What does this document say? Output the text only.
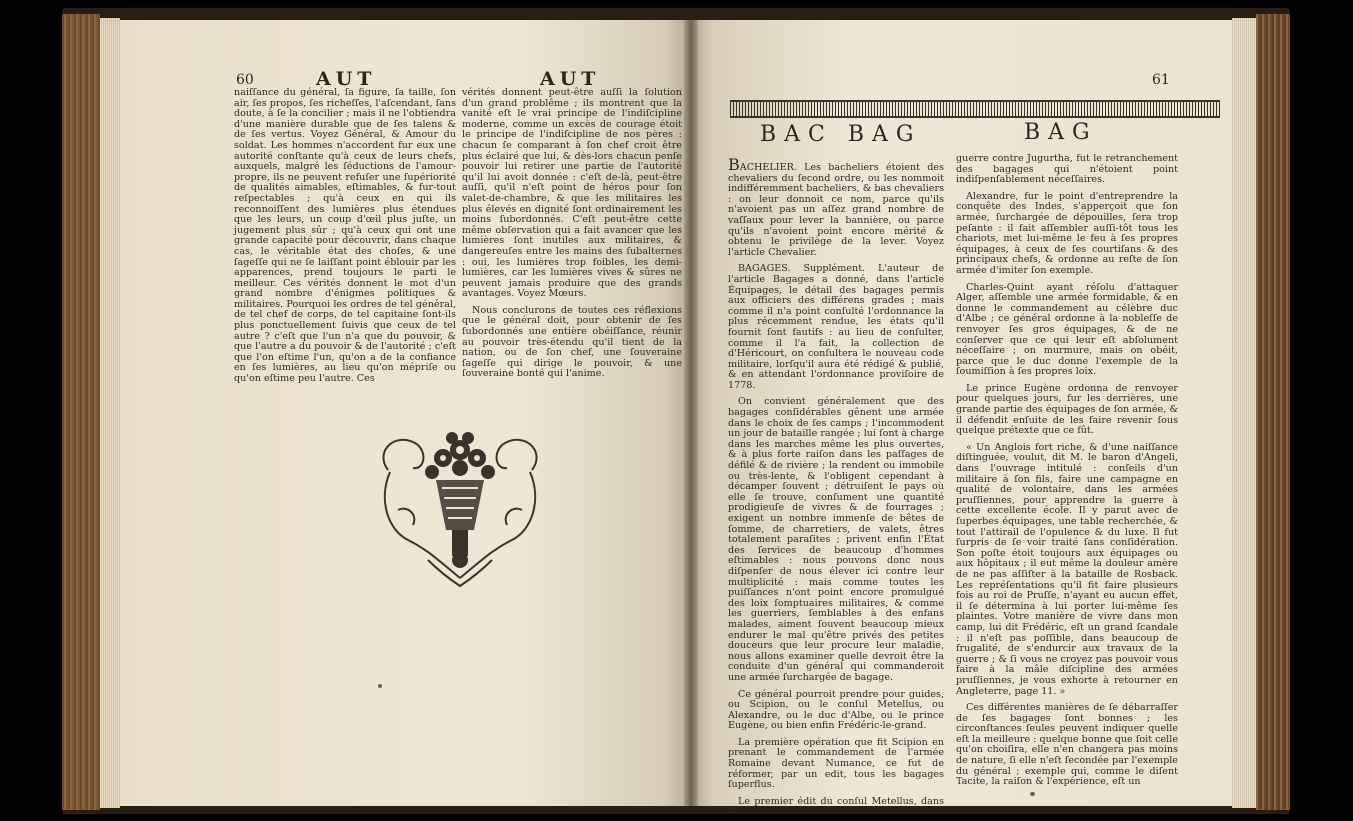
60	AUT	AUT

naiſſance du général, ſa figure, ſa taille, ſon air, ſes propos, ſes richeſſes, l'aſcendant, ſans doute, à ſe la concilier ; mais il ne l'obtiendra d'une manière durable que de ſes talens & de ſes vertus. Voyez Général, & Amour du soldat. Les hommes n'accordent fur eux une autorité conſtante qu'à ceux de leurs chefs, auxquels, malgré les ſéductions de l'amour-propre, ils ne peuvent refuſer une ſupériorité de qualités aimables, eſtimables, & fur-tout reſpectables ; qu'à ceux en qui ils reconnoiſſent des lumières plus étendues que les leurs, un coup d'œil plus juſte, un jugement plus sûr ; qu'à ceux qui ont une grande capacité pour découvrir, dans chaque cas, le véritable état des choſes, & une ſageſſe qui ne ſe laiſſant point éblouir par les apparences, prend toujours le parti le meilleur. Ces vérités donnent le mot d'un grand nombre d'énigmes politiques & militaires. Pourquoi les ordres de tel général, de tel chef de corps, de tel capitaine ſont-ils plus ponctuellement ſuivis que ceux de tel autre ? c'eſt que l'un n'a que du pouvoir, & que l'autre a du pouvoir & de l'autorité ; c'eſt que l'on eſtime l'un, qu'on a de la confiance en ſes lumières, au lieu qu'on mépriſe ou qu'on eſtime peu l'autre. Ces

vérités donnent peut-être auſſi la ſolution d'un grand problême ; ils montrent que la vanité eſt le vrai principe de l'indiſcipline moderne, comme un excès de courage étoit le principe de l'indiſcipline de nos pères : chacun ſe comparant à ſon chef croit être plus éclairé que lui, & dès-lors chacun penſe pouvoir lui retirer une partie de l'autorité qu'il lui avoit donnée : c'eſt de-là, peut-être auſſi, qu'il n'eſt point de héros pour ſon valet-de-chambre, & que les militaires les plus élevés en dignité ſont ordinairement les moins ſubordonnés. C'eſt peut-être cette même obſervation qui a fait avancer que les lumières ſont inutiles aux militaires, & dangereuſes entre les mains des ſubalternes : oui, les lumières trop foibles, les demi-lumières, car les lumières vives & sûres ne peuvent jamais produire que des grands avantages. Voyez Mœurs.

Nous conclurons de toutes ces réflexions que le général doit, pour obtenir de ſes ſubordonnés une entière obéiſſance, réunir au pouvoir très-étendu qu'il tient de la nation, ou de ſon chef, une ſouveraine ſageſſe qui dirige le pouvoir, & une ſouveraine bonté qui l'anime.

61
BAC BAG	BAG

BACHELIER. Les bacheliers étoient des chevaliers du ſecond ordre, ou les nommoit indifféremment bacheliers, & bas chevaliers : on leur donnoit ce nom, parce qu'ils n'avoient pas un aſſez grand nombre de vaſſaux pour lever la bannière, ou parce qu'ils n'avoient point encore mérité & obtenu le privilège de la lever. Voyez l'article Chevalier.

BAGAGES. Supplément. L'auteur de l'article Bagages a donné, dans l'article Équipages, le détail des bagages permis aux officiers des différens grades ; mais comme il n'a point conſulté l'ordonnance la plus récemment rendue, les états qu'il fournit ſont fautifs : au lieu de conſulter, comme il l'a fait, la collection de d'Héricourt, on conſultera le nouveau code militaire, lorſqu'il aura été rédigé & publié, & en attendant l'ordonnance proviſoire de 1778.

On convient généralement que des bagages conſidérables gênent une armée dans le choix de ſes camps ; l'incommodent un jour de bataille rangée ; lui ſont à charge dans les marches même les plus ouvertes, & à plus forte raiſon dans les paſſages de défilé & de rivière ; la rendent ou immobile ou très-lente, & l'obligent cependant à décamper ſouvent ; détruiſent le pays où elle ſe trouve, conſument une quantité prodigieuſe de vivres & de fourrages ; exigent un nombre immenſe de bêtes de ſomme, de charretiers, de valets, êtres totalement paraſites ; privent enfin l'État des ſervices de beaucoup d'hommes eſtimables : nous pouvons donc nous diſpenſer de nous élever ici contre leur multiplicité : mais comme toutes les puiſſances n'ont point encore promulgué des loix ſomptuaires militaires, & comme les guerriers, ſemblables à des enfans malades, aiment ſouvent beaucoup mieux endurer le mal qu'être privés des petites douceurs que leur procure leur maladie, nous allons examiner quelle devroit être la conduite d'un général qui commanderoit une armée ſurchargée de bagage.

Ce général pourroit prendre pour guides, ou Scipion, ou le conſul Metellus, ou Alexandre, ou le duc d'Albe, ou le prince Eugène, ou bien enfin Frédéric-le-grand.

La première opération que fit Scipion en prenant le commandement de l'armée Romaine devant Numance, ce fut de réformer, par un edit, tous les bagages ſuperflus.

Le premier édit du conſul Metellus, dans la

guerre contre Jugurtha, fut le retranchement des bagages qui n'étoient point indiſpenſablement néceſſaires.

Alexandre, fur le point d'entreprendre la conquête des Indes, s'apperçoit que ſon armée, ſurchargée de dépouilles, ſera trop peſante : il fait aſſembler auſſi-tôt tous les chariots, met lui-même le feu à ſes propres équipages, à ceux de ſes courtiſans & des principaux chefs, & ordonne au reſte de ſon armée d'imiter ſon exemple.

Charles-Quint ayant réſolu d'attaquer Alger, aſſemble une armée formidable, & en donne le commandement au célèbre duc d'Albe ; ce général ordonne à la nobleſſe de renvoyer ſes gros équipages, & de ne conſerver que ce qui leur eſt abſolument néceſſaire ; on murmure, mais on obéit, parce que le duc donne l'exemple de la ſoumiſſion à ſes propres loix.

Le prince Eugène ordonna de renvoyer pour quelques jours, fur les derrières, une grande partie des équipages de ſon armée, & il défendit enſuite de les faire revenir ſous quelque prétexte que ce fût.

« Un Anglois fort riche, & d'une naiſſance diſtinguée, voulut, dit M. le baron d'Angeli, dans l'ouvrage intitulé : conſeils d'un militaire à ſon fils, faire une campagne en qualité de volontaire, dans les armées pruſſiennes, pour apprendre la guerre à cette excellente école. Il y parut avec de ſuperbes équipages, une table recherchée, & tout l'attirail de l'opulence & du luxe. Il fut ſurpris de ſe voir traité ſans conſidération. Son poſte étoit toujours aux équipages ou aux hôpitaux ; il eut même la douleur amère de ne pas aſſiſter à la bataille de Rosback. Les repréſentations qu'il fit faire plusieurs fois au roi de Pruſſe, n'ayant eu aucun effet, il ſe détermina à lui porter lui-même ſes plaintes. Votre manière de vivre dans mon camp, lui dit Frédéric, eſt un grand ſcandale : il n'eſt pas poſſible, dans beaucoup de frugalité, de s'endurcir aux travaux de la guerre ; & ſi vous ne croyez pas pouvoir vous faire à la mâle diſcipline des armées pruſſiennes, je vous exhorte à retourner en Angleterre, page 11. »

Ces différentes manières de ſe débarraſſer de ſes bagages ſont bonnes ; les circonſtances ſeules peuvent indiquer quelle eſt la meilleure : quelque bonne que ſoit celle qu'on choiſira, elle n'en changera pas moins de nature, ſi elle n'eſt ſecondée par l'exemple du général ; exemple qui, comme le diſent Tacite, la raiſon & l'expérience, eſt un
